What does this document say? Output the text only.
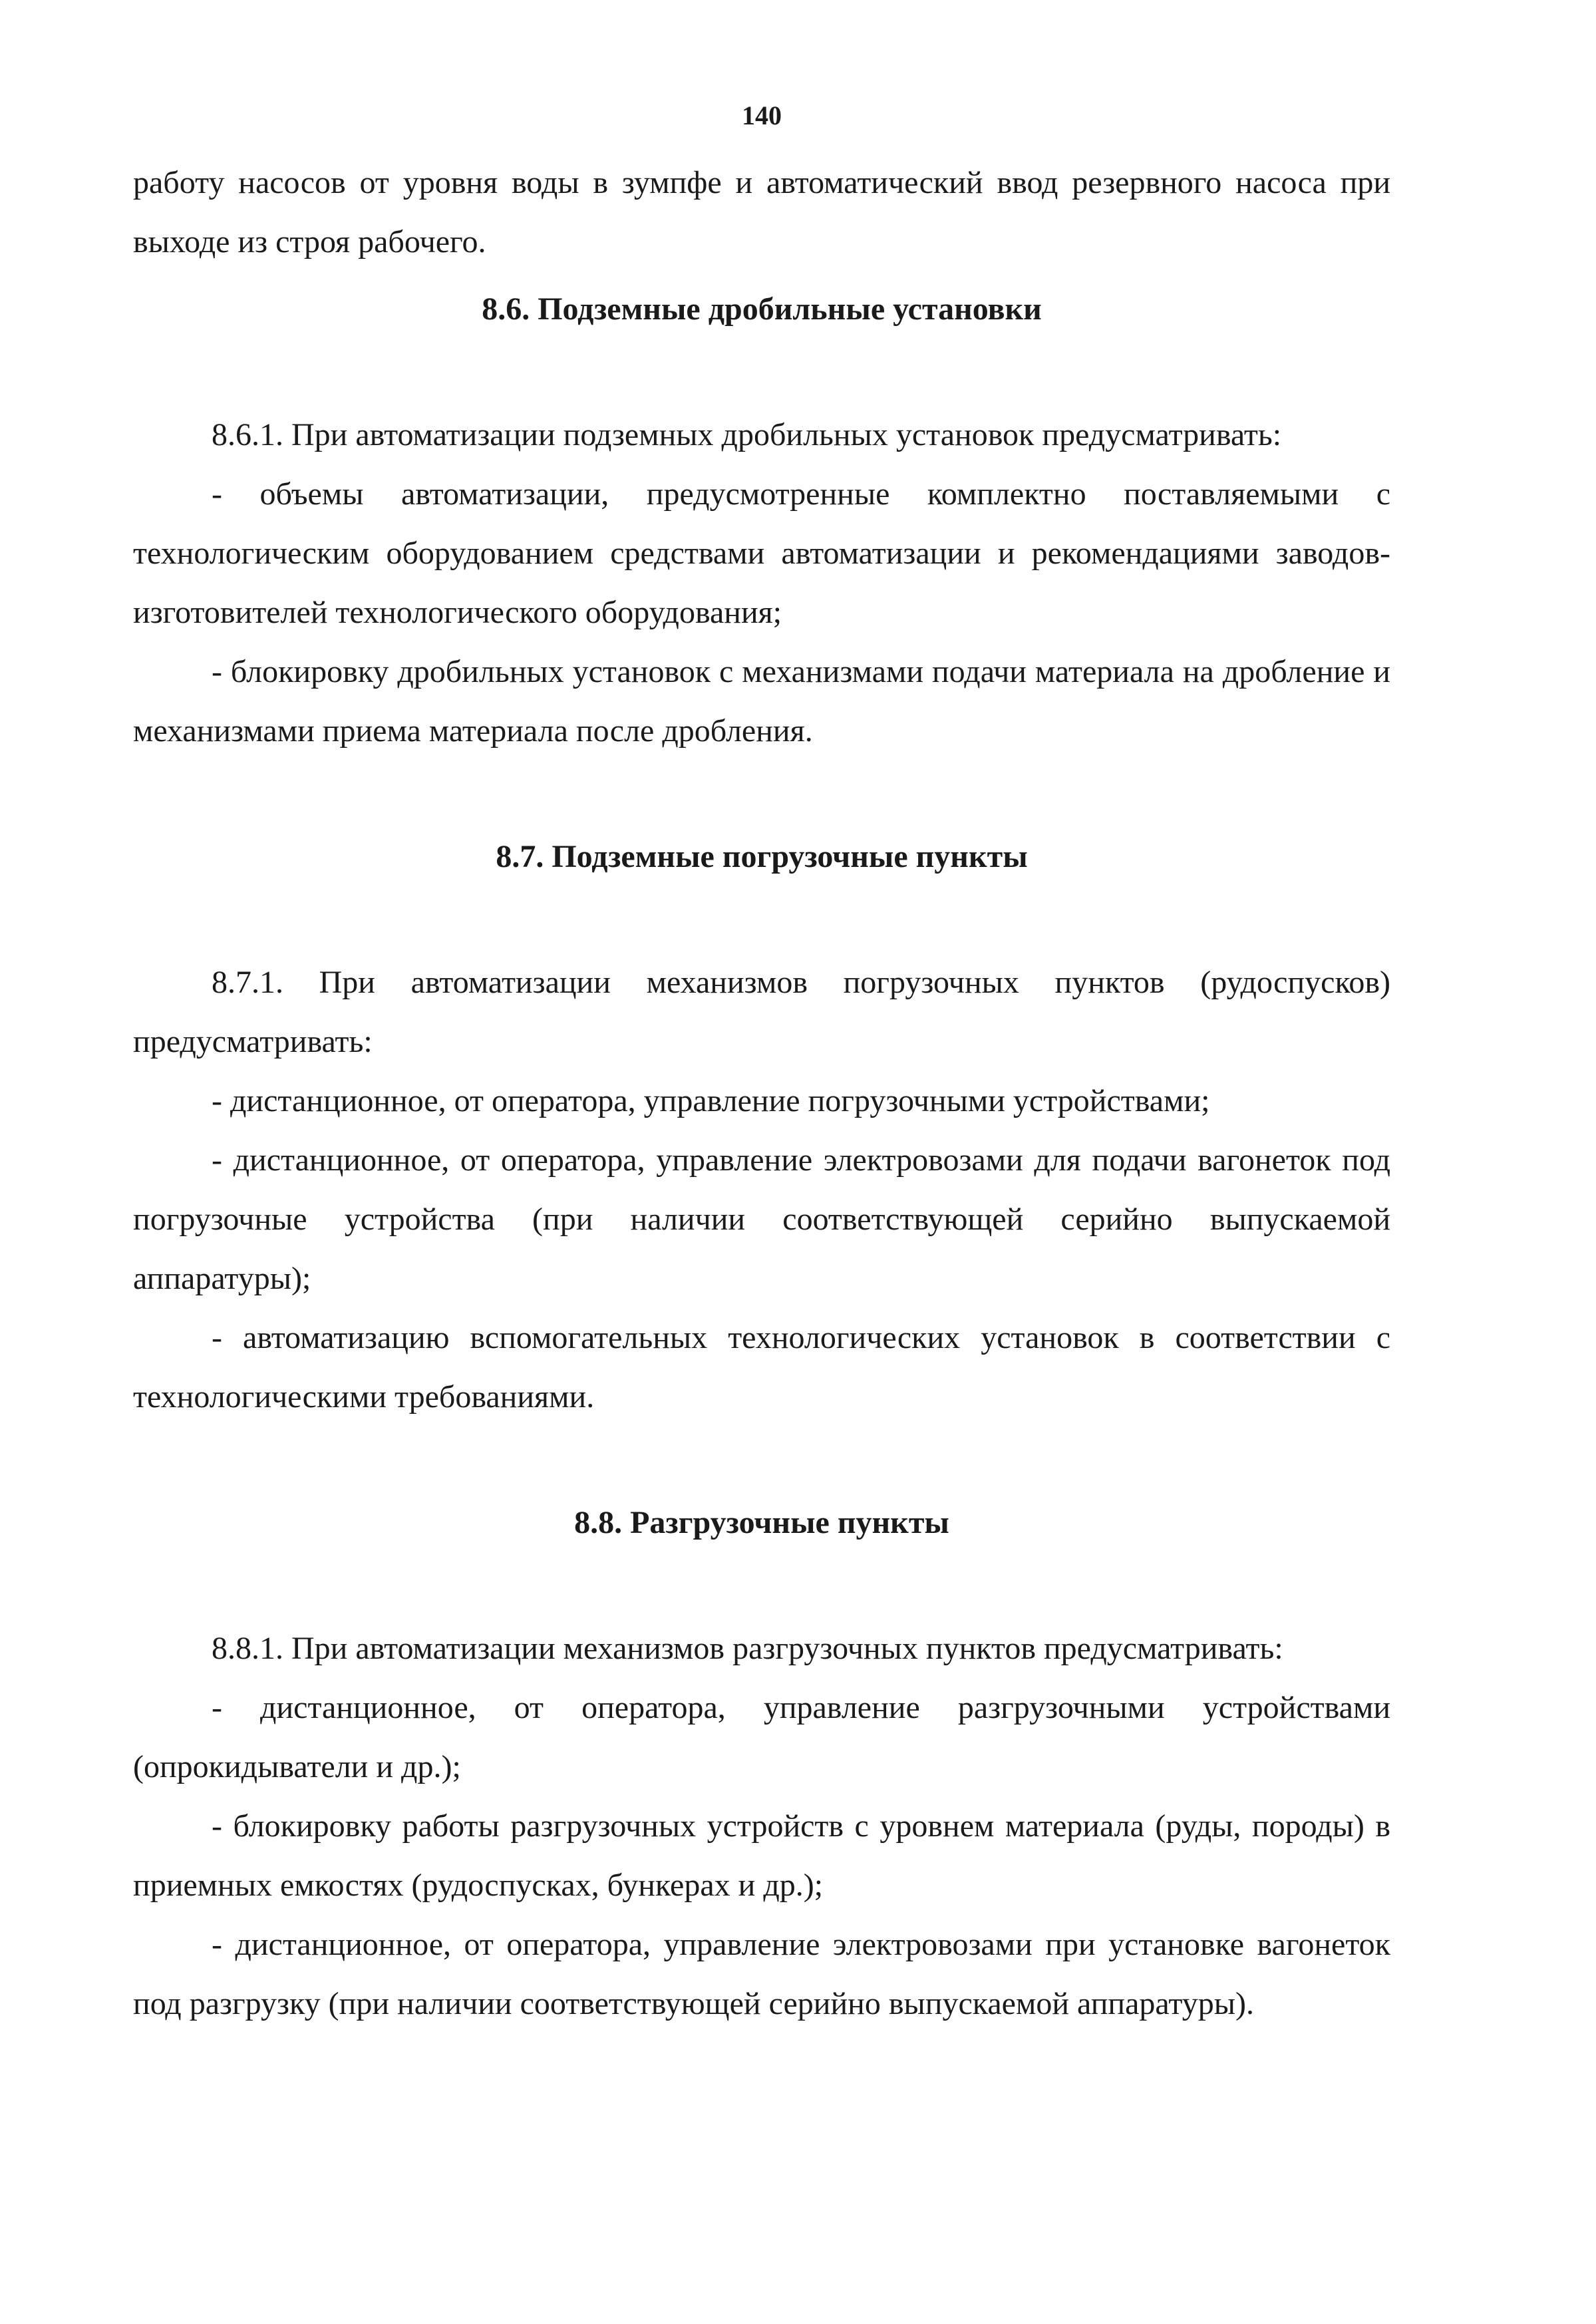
140

работу насосов от уровня воды в зумпфе и автоматический ввод резервного насоса при выходе из строя рабочего.

8.6. Подземные дробильные установки

8.6.1. При автоматизации подземных дробильных установок предусматривать:

- объемы автоматизации, предусмотренные комплектно поставляемыми с технологическим оборудованием средствами автоматизации и рекомендациями заводов-изготовителей технологического оборудования;

- блокировку дробильных установок с механизмами подачи материала на дробление и механизмами приема материала после дробления.

8.7. Подземные погрузочные пункты

8.7.1. При автоматизации механизмов погрузочных пунктов (рудоспусков) предусматривать:

- дистанционное, от оператора, управление погрузочными устройствами;

- дистанционное, от оператора, управление электровозами для подачи вагонеток под погрузочные устройства (при наличии соответствующей серийно выпускаемой аппаратуры);

- автоматизацию вспомогательных технологических установок в соответствии с технологическими требованиями.

8.8. Разгрузочные пункты

8.8.1. При автоматизации механизмов разгрузочных пунктов предусматривать:

- дистанционное, от оператора, управление разгрузочными устройствами (опрокидыватели и др.);

- блокировку работы разгрузочных устройств с уровнем материала (руды, породы) в приемных емкостях (рудоспусках, бункерах и др.);

- дистанционное, от оператора, управление электровозами при установке вагонеток под разгрузку (при наличии соответствующей серийно выпускаемой аппаратуры).
